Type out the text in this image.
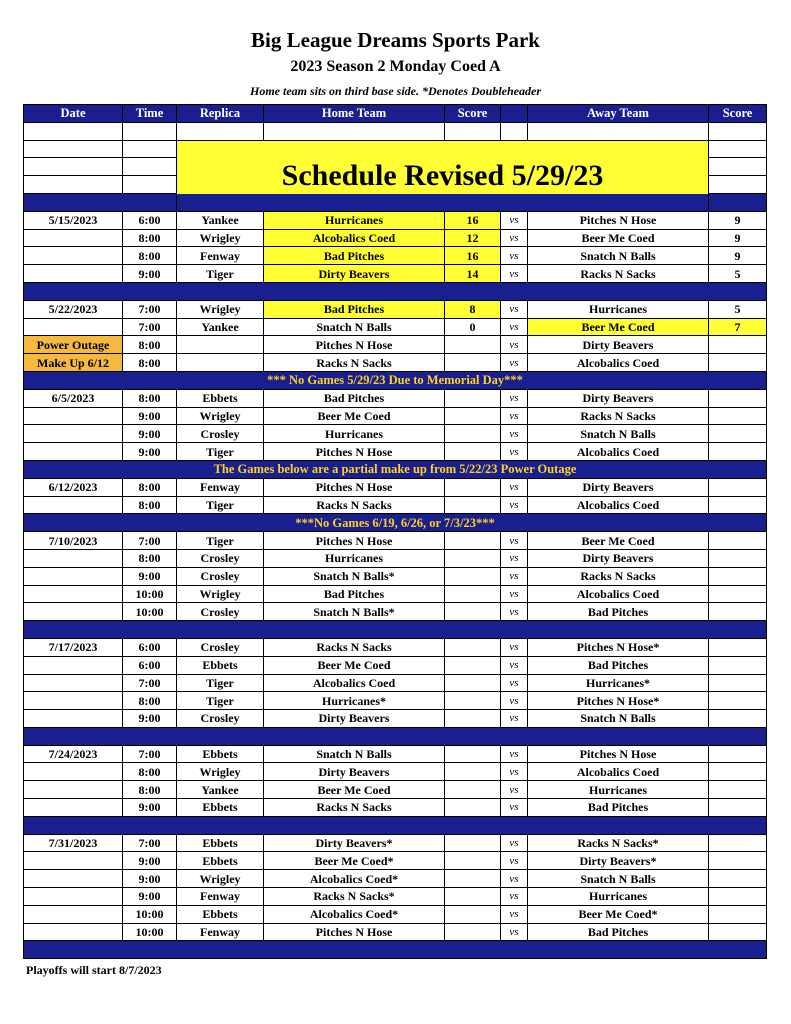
Big League Dreams Sports Park
2023 Season 2 Monday Coed A
Home team sits on third base side. *Denotes Doubleheader
Date	Time	Replica	Home Team	Score		Away Team	Score

		Schedule Revised 5/29/23					

5/15/2023	6:00	Yankee	Hurricanes	16	vs	Pitches N Hose	9
	8:00	Wrigley	Alcobalics Coed	12	vs	Beer Me Coed	9
	8:00	Fenway	Bad Pitches	16	vs	Snatch N Balls	9
	9:00	Tiger	Dirty Beavers	14	vs	Racks N Sacks	5

5/22/2023	7:00	Wrigley	Bad Pitches	8	vs	Hurricanes	5
	7:00	Yankee	Snatch N Balls	0	vs	Beer Me Coed	7
Power Outage	8:00		Pitches N Hose		vs	Dirty Beavers	
Make Up 6/12	8:00		Racks N Sacks		vs	Alcobalics Coed	
*** No Games 5/29/23 Due to Memorial Day***							
6/5/2023	8:00	Ebbets	Bad Pitches		vs	Dirty Beavers	
	9:00	Wrigley	Beer Me Coed		vs	Racks N Sacks	
	9:00	Crosley	Hurricanes		vs	Snatch N Balls	
	9:00	Tiger	Pitches N Hose		vs	Alcobalics Coed	
The Games below are a partial make up from 5/22/23 Power Outage							
6/12/2023	8:00	Fenway	Pitches N Hose		vs	Dirty Beavers	
	8:00	Tiger	Racks N Sacks		vs	Alcobalics Coed	
***No Games 6/19, 6/26, or 7/3/23***							
7/10/2023	7:00	Tiger	Pitches N Hose		vs	Beer Me Coed	
	8:00	Crosley	Hurricanes		vs	Dirty Beavers	
	9:00	Crosley	Snatch N Balls*		vs	Racks N Sacks	
	10:00	Wrigley	Bad Pitches		vs	Alcobalics Coed	
	10:00	Crosley	Snatch N Balls*		vs	Bad Pitches	

7/17/2023	6:00	Crosley	Racks N Sacks		vs	Pitches N Hose*	
	6:00	Ebbets	Beer Me Coed		vs	Bad Pitches	
	7:00	Tiger	Alcobalics Coed		vs	Hurricanes*	
	8:00	Tiger	Hurricanes*		vs	Pitches N Hose*	
	9:00	Crosley	Dirty Beavers		vs	Snatch N Balls	

7/24/2023	7:00	Ebbets	Snatch N Balls		vs	Pitches N Hose	
	8:00	Wrigley	Dirty Beavers		vs	Alcobalics Coed	
	8:00	Yankee	Beer Me Coed		vs	Hurricanes	
	9:00	Ebbets	Racks N Sacks		vs	Bad Pitches	

7/31/2023	7:00	Ebbets	Dirty Beavers*		vs	Racks N Sacks*	
	9:00	Ebbets	Beer Me Coed*		vs	Dirty Beavers*	
	9:00	Wrigley	Alcobalics Coed*		vs	Snatch N Balls	
	9:00	Fenway	Racks N Sacks*		vs	Hurricanes	
	10:00	Ebbets	Alcobalics Coed*		vs	Beer Me Coed*	
	10:00	Fenway	Pitches N Hose		vs	Bad Pitches	

Playoffs will start 8/7/2023
